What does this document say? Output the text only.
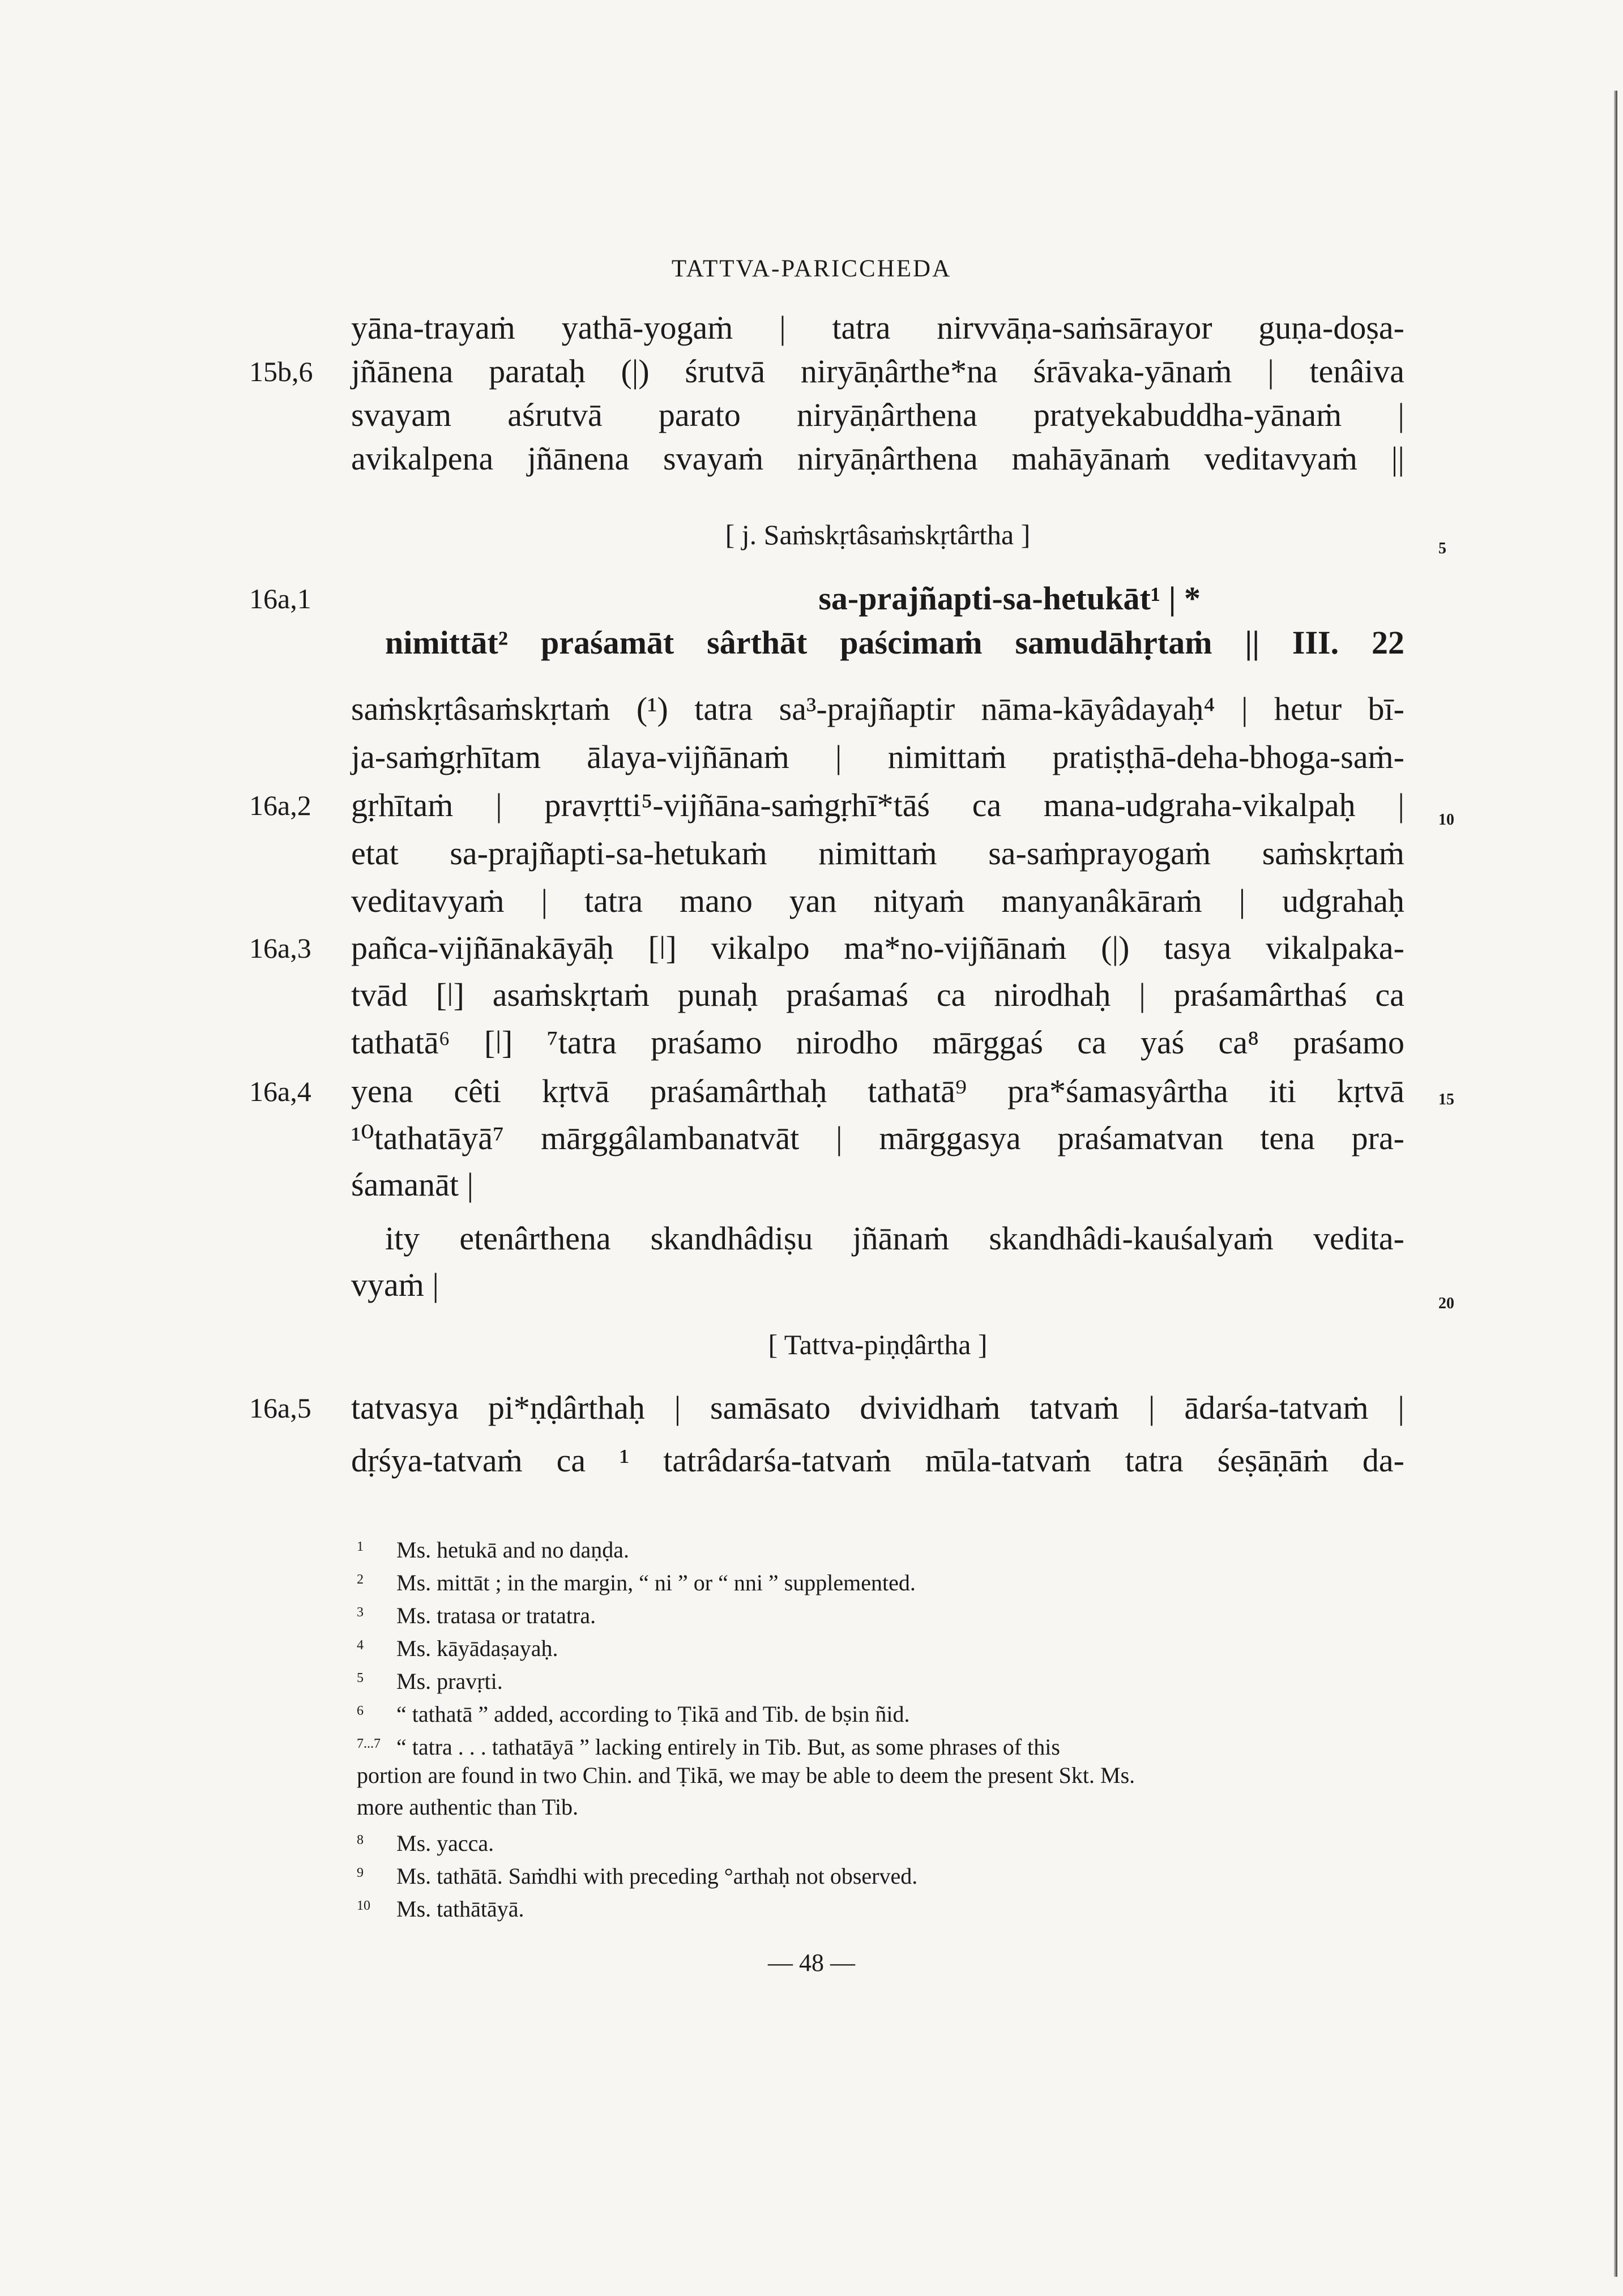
TATTVA-PARICCHEDA
15b,6
16a,1
16a,2
16a,3
16a,4
16a,5
5
10
15
20
yāna-trayaṁ yathā-yogaṁ | tatra nirvvāṇa-saṁsārayor guṇa-doṣa-
jñānena parataḥ (|) śrutvā niryāṇârthe*na śrāvaka-yānaṁ | tenâiva
svayam aśrutvā parato niryāṇârthena pratyekabuddha-yānaṁ |
avikalpena jñānena svayaṁ niryāṇârthena mahāyānaṁ veditavyaṁ ||
[ j. Saṁskṛtâsaṁskṛtârtha ]
sa-prajñapti-sa-hetukāt¹ | *
nimittāt² praśamāt sârthāt paścimaṁ samudāhṛtaṁ || III. 22
saṁskṛtâsaṁskṛtaṁ (¹) tatra sa³-prajñaptir nāma-kāyâdayaḥ⁴ | hetur bī-
ja-saṁgṛhītam ālaya-vijñānaṁ | nimittaṁ pratiṣṭhā-deha-bhoga-saṁ-
gṛhītaṁ | pravṛtti⁵-vijñāna-saṁgṛhī*tāś ca mana-udgraha-vikalpaḥ |
etat sa-prajñapti-sa-hetukaṁ nimittaṁ sa-saṁprayogaṁ saṁskṛtaṁ
veditavyaṁ | tatra mano yan nityaṁ manyanâkāraṁ | udgrahaḥ
pañca-vijñānakāyāḥ [ǀ] vikalpo ma*no-vijñānaṁ (|) tasya vikalpaka-
tvād [ǀ] asaṁskṛtaṁ punaḥ praśamaś ca nirodhaḥ | praśamârthaś ca
tathatā⁶ [ǀ] ⁷tatra praśamo nirodho mārggaś ca yaś ca⁸ praśamo
yena cêti kṛtvā praśamârthaḥ tathatā⁹ pra*śamasyârtha iti kṛtvā
¹⁰tathatāyā⁷ mārggâlambanatvāt | mārggasya praśamatvan tena pra-
śamanāt |
ity etenârthena skandhâdiṣu jñānaṁ skandhâdi-kauśalyaṁ vedita-
vyaṁ |
[ Tattva-piṇḍârtha ]
tatvasya pi*ṇḍârthaḥ | samāsato dvividhaṁ tatvaṁ | ādarśa-tatvaṁ |
dṛśya-tatvaṁ ca ¹ tatrâdarśa-tatvaṁ mūla-tatvaṁ tatra śeṣāṇāṁ da-
1 Ms. hetukā and no daṇḍa.
2 Ms. mittāt ; in the margin, “ ni ” or “ nni ” supplemented.
3 Ms. tratasa or tratatra.
4 Ms. kāyādaṣayaḥ.
5 Ms. pravṛti.
6 “ tathatā ” added, according to Ṭikā and Tib. de bṣin ñid.
7...7 “ tatra . . . tathatāyā ” lacking entirely in Tib. But, as some phrases of this
portion are found in two Chin. and Ṭikā, we may be able to deem the present Skt. Ms.
more authentic than Tib.
8 Ms. yacca.
9 Ms. tathātā. Saṁdhi with preceding °arthaḥ not observed.
10 Ms. tathātāyā.
— 48 —
